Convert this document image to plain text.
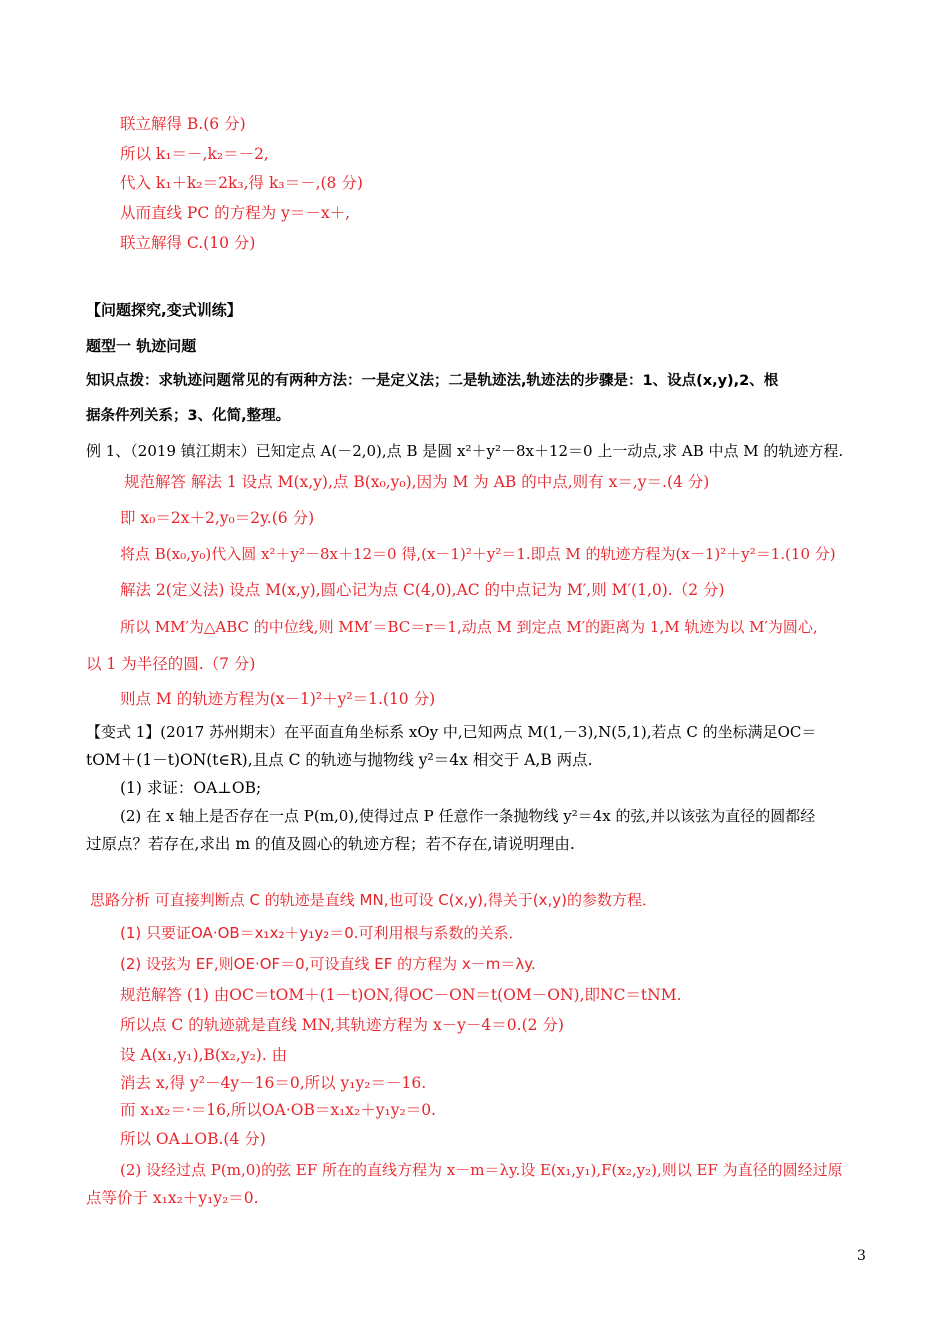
联立解得 B.(6 分)
所以 k₁＝－,k₂＝－2,
代入 k₁＋k₂＝2k₃,得 k₃＝－,(8 分)
从而直线 PC 的方程为 y＝－x＋,
联立解得 C.(10 分)
【问题探究,变式训练】
题型一 轨迹问题
知识点拨：求轨迹问题常见的有两种方法：一是定义法；二是轨迹法,轨迹法的步骤是：1、设点(x,y),2、根
据条件列关系；3、化简,整理。
例 1、（2019 镇江期末）已知定点 A(－2,0),点 B 是圆 x²＋y²－8x＋12＝0 上一动点,求 AB 中点 M 的轨迹方程.
规范解答 解法 1 设点 M(x,y),点 B(x₀,y₀),因为 M 为 AB 的中点,则有 x＝,y＝.(4 分)
即 x₀＝2x＋2,y₀＝2y.(6 分)
将点 B(x₀,y₀)代入圆 x²＋y²－8x＋12＝0 得,(x－1)²＋y²＝1.即点 M 的轨迹方程为(x－1)²＋y²＝1.(10 分)
解法 2(定义法) 设点 M(x,y),圆心记为点 C(4,0),AC 的中点记为 M′,则 M′(1,0).（2 分)
所以 MM′为△ABC 的中位线,则 MM′＝BC＝r＝1,动点 M 到定点 M′的距离为 1,M 轨迹为以 M′为圆心,
以 1 为半径的圆.（7 分)
则点 M 的轨迹方程为(x－1)²＋y²＝1.(10 分)
【变式 1】(2017 苏州期末）在平面直角坐标系 xOy 中,已知两点 M(1,－3),N(5,1),若点 C 的坐标满足OC＝
tOM＋(1－t)ON(t∈R),且点 C 的轨迹与抛物线 y²＝4x 相交于 A,B 两点.
(1) 求证：OA⊥OB;
(2) 在 x 轴上是否存在一点 P(m,0),使得过点 P 任意作一条抛物线 y²＝4x 的弦,并以该弦为直径的圆都经
过原点？若存在,求出 m 的值及圆心的轨迹方程；若不存在,请说明理由.
思路分析 可直接判断点 C 的轨迹是直线 MN,也可设 C(x,y),得关于(x,y)的参数方程．
(1) 只要证OA·OB＝x₁x₂＋y₁y₂＝0.可利用根与系数的关系．
(2) 设弦为 EF,则OE·OF＝0,可设直线 EF 的方程为 x－m＝λy.
规范解答 (1) 由OC＝tOM＋(1－t)ON,得OC－ON＝t(OM－ON),即NC＝tNM.
所以点 C 的轨迹就是直线 MN,其轨迹方程为 x－y－4＝0.(2 分)
设 A(x₁,y₁),B(x₂,y₂). 由
消去 x,得 y²－4y－16＝0,所以 y₁y₂＝－16.
而 x₁x₂＝·＝16,所以OA·OB＝x₁x₂＋y₁y₂＝0.
所以 OA⊥OB.(4 分)
(2) 设经过点 P(m,0)的弦 EF 所在的直线方程为 x－m＝λy.设 E(x₁,y₁),F(x₂,y₂),则以 EF 为直径的圆经过原
点等价于 x₁x₂＋y₁y₂＝0.
3
